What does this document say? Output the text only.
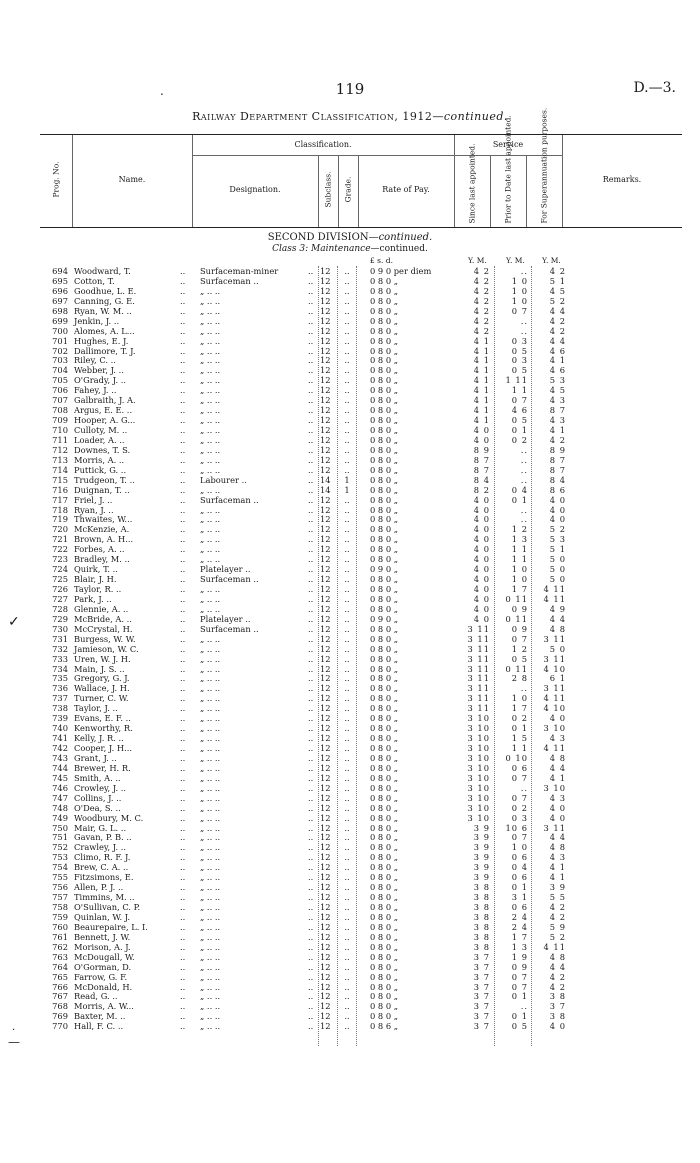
.	119	D.—3.
Railway Department Classification, 1912—continued.
Prog. No.	Name.
Classification.
Designation.	Subclass. Grade.	Rate of Pay.
Service
Since last appointed.	Prior to Date last appointed.	For Superannuation purposes.	Remarks.
SECOND DIVISION—continued.
Class 3: Maintenance—continued.
£ s. d.	Y. M.	Y. M. Y. M.
694 Woodward, T.	.. Surfaceman-miner	.. 12	..	0 9 0 per diem	4 2	..	4 2
695 Cotton, T.	.. Surfaceman ..	.. 12	..	0 8 0 „	4 2	1 0	5 1
696 Goodhue, L. E.	.. „ .. ..	.. 12	..	0 8 0 „	4 2	1 0	4 5
697 Canning, G. E.	.. „ .. ..	.. 12	..	0 8 0 „	4 2	1 0	5 2
698 Ryan, W. M. ..	.. „ .. ..	.. 12	..	0 8 0 „	4 2	0 7	4 4
699 Jenkin, J. ..	.. „ .. ..	.. 12	..	0 8 0 „	4 2	..	4 2
700 Alomes, A. L...	.. „ .. ..	.. 12	..	0 8 0 „	4 2	..	4 2
701 Hughes, E. J.	.. „ .. ..	.. 12	..	0 8 0 „	4 1	0 3	4 4
702 Dallimore, T. J.	.. „ .. ..	.. 12	..	0 8 0 „	4 1	0 5	4 6
703 Riley, C. ..	.. „ .. ..	.. 12	..	0 8 0 „	4 1	0 3	4 1
704 Webber, J. ..	.. „ .. ..	.. 12	..	0 8 0 „	4 1	0 5	4 6
705 O'Grady, J. ..	.. „ .. ..	.. 12	..	0 8 0 „	4 1	1 11	5 3
706 Fahey, J. ..	.. „ .. ..	.. 12	..	0 8 0 „	4 1	1 1	4 5
707 Galbraith, J. A.	.. „ .. ..	.. 12	..	0 8 0 „	4 1	0 7	4 3
708 Argus, E. E. ..	.. „ .. ..	.. 12	..	0 8 0 „	4 1	4 6	8 7
709 Hooper, A. G...	.. „ .. ..	.. 12	..	0 8 0 „	4 1	0 5	4 3
710 Culloty, M. ..	.. „ .. ..	.. 12	..	0 8 0 „	4 0	0 1	4 1
711 Loader, A. ..	.. „ .. ..	.. 12	..	0 8 0 „	4 0	0 2	4 2
712 Downes, T. S.	.. „ .. ..	.. 12	..	0 8 0 „	8 9	..	8 9
713 Morris, A. ..	.. „ .. ..	.. 12	..	0 8 0 „	8 7	..	8 7
714 Puttick, G. ..	.. „ .. ..	.. 12	..	0 8 0 „	8 7	..	8 7
715 Trudgeon, T. ..	.. Labourer ..	.. 14	1	0 8 0 „	8 4	..	8 4
716 Duignan, T. ..	.. „ .. ..	.. 14	1	0 8 0 „	8 2	0 4	8 6
717 Friel, J. ..	.. Surfaceman ..	.. 12	..	0 8 0 „	4 0	0 1	4 0
718 Ryan, J. ..	.. „ .. ..	.. 12	..	0 8 0 „	4 0	..	4 0
719 Thwaites, W...	.. „ .. ..	.. 12	..	0 8 0 „	4 0	..	4 0
720 McKenzie, A.	.. „ .. ..	.. 12	..	0 8 0 „	4 0	1 2	5 2
721 Brown, A. H...	.. „ .. ..	.. 12	..	0 8 0 „	4 0	1 3	5 3
722 Forbes, A. ..	.. „ .. ..	.. 12	..	0 8 0 „	4 0	1 1	5 1
723 Bradley, M. ..	.. „ .. ..	.. 12	..	0 8 0 „	4 0	1 1	5 0
724 Quirk, T. ..	.. Platelayer ..	.. 12	..	0 9 0 „	4 0	1 0	5 0
725 Blair, J. H.	.. Surfaceman ..	.. 12	..	0 8 0 „	4 0	1 0	5 0
726 Taylor, R. ..	.. „ .. ..	.. 12	..	0 8 0 „	4 0	1 7	4 11
727 Park, J. ..	.. „ .. ..	.. 12	..	0 8 0 „	4 0	0 11	4 11
728 Glennie, A. ..	.. „ .. ..	.. 12	..	0 8 0 „	4 0	0 9	4 9
729 McBride, A. ..	.. Platelayer ..	.. 12	..	0 9 0 „	4 0	0 11	4 4
730 McCrystal, H.	.. Surfaceman ..	.. 12	..	0 8 0 „	3 11	0 9	4 8
731 Burgess, W. W.	.. „ .. ..	.. 12	..	0 8 0 „	3 11	0 7	3 11
732 Jamieson, W. C.	.. „ .. ..	.. 12	..	0 8 0 „	3 11	1 2	5 0
733 Uren, W. J. H.	.. „ .. ..	.. 12	..	0 8 0 „	3 11	0 5	3 11
734 Main, J. S. ..	.. „ .. ..	.. 12	..	0 8 0 „	3 11	0 11	4 10
735 Gregory, G. J.	.. „ .. ..	.. 12	..	0 8 0 „	3 11	2 8	6 1
736 Wallace, J. H.	.. „ .. ..	.. 12	..	0 8 0 „	3 11	..	3 11
737 Turner, C. W.	.. „ .. ..	.. 12	..	0 8 0 „	3 11	1 0	4 11
738 Taylor, J. ..	.. „ .. ..	.. 12	..	0 8 0 „	3 11	1 7	4 10
739 Evans, E. F. ..	.. „ .. ..	.. 12	..	0 8 0 „	3 10	0 2	4 0
740 Kenworthy, R.	.. „ .. ..	.. 12	..	0 8 0 „	3 10	0 1	3 10
741 Kelly, J. R. ..	.. „ .. ..	.. 12	..	0 8 0 „	3 10	1 5	4 3
742 Cooper, J. H...	.. „ .. ..	.. 12	..	0 8 0 „	3 10	1 1	4 11
743 Grant, J. ..	.. „ .. ..	.. 12	..	0 8 0 „	3 10	0 10	4 8
744 Brewer, H. R.	.. „ .. ..	.. 12	..	0 8 0 „	3 10	0 6	4 4
745 Smith, A. ..	.. „ .. ..	.. 12	..	0 8 0 „	3 10	0 7	4 1
746 Crowley, J. ..	.. „ .. ..	.. 12	..	0 8 0 „	3 10	..	3 10
747 Collins, J. ..	.. „ .. ..	.. 12	..	0 8 0 „	3 10	0 7	4 3
748 O'Dea, S. ..	.. „ .. ..	.. 12	..	0 8 0 „	3 10	0 2	4 0
749 Woodbury, M. C.	.. „ .. ..	.. 12	..	0 8 0 „	3 10	0 3	4 0
750 Mair, G. L. ..	.. „ .. ..	.. 12	..	0 8 0 „	3 9	10 6	3 11
751 Gavan, P. B. ..	.. „ .. ..	.. 12	..	0 8 0 „	3 9	0 7	4 4
752 Crawley, J. ..	.. „ .. ..	.. 12	..	0 8 0 „	3 9	1 0	4 8
753 Climo, R. F. J.	.. „ .. ..	.. 12	..	0 8 0 „	3 9	0 6	4 3
754 Brew, C. A. ..	.. „ .. ..	.. 12	..	0 8 0 „	3 9	0 4	4 1
755 Fitzsimons, E.	.. „ .. ..	.. 12	..	0 8 0 „	3 9	0 6	4 1
756 Allen, P. J. ..	.. „ .. ..	.. 12	..	0 8 0 „	3 8	0 1	3 9
757 Timmins, M. ..	.. „ .. ..	.. 12	..	0 8 0 „	3 8	3 1	5 5
758 O'Sullivan, C. P.	.. „ .. ..	.. 12	..	0 8 0 „	3 8	0 6	4 2
759 Quinlan, W. J.	.. „ .. ..	.. 12	..	0 8 0 „	3 8	2 4	4 2
760 Beaurepaire, L. I.	.. „ .. ..	.. 12	..	0 8 0 „	3 8	2 4	5 9
761 Bennett, J. W.	.. „ .. ..	.. 12	..	0 8 0 „	3 8	1 7	5 2
762 Morison, A. J.	.. „ .. ..	.. 12	..	0 8 0 „	3 8	1 3	4 11
763 McDougall, W.	.. „ .. ..	.. 12	..	0 8 0 „	3 7	1 9	4 8
764 O'Gorman, D.	.. „ .. ..	.. 12	..	0 8 0 „	3 7	0 9	4 4
765 Farrow, G. F.	.. „ .. ..	.. 12	..	0 8 0 „	3 7	0 7	4 2
766 McDonald, H.	.. „ .. ..	.. 12	..	0 8 0 „	3 7	0 7	4 2
767 Read, G. ..	.. „ .. ..	.. 12	..	0 8 0 „	3 7	0 1	3 8
768 Morris, A. W...	.. „ .. ..	.. 12	..	0 8 0 „	3 7	..	3 7
769 Baxter, M. ..	.. „ .. ..	.. 12	..	0 8 0 „	3 7	0 1	3 8
770 Hall, F. C. ..	.. „ .. ..	.. 12	..	0 8 6 „	3 7	0 5	4 0
✓
·
—
